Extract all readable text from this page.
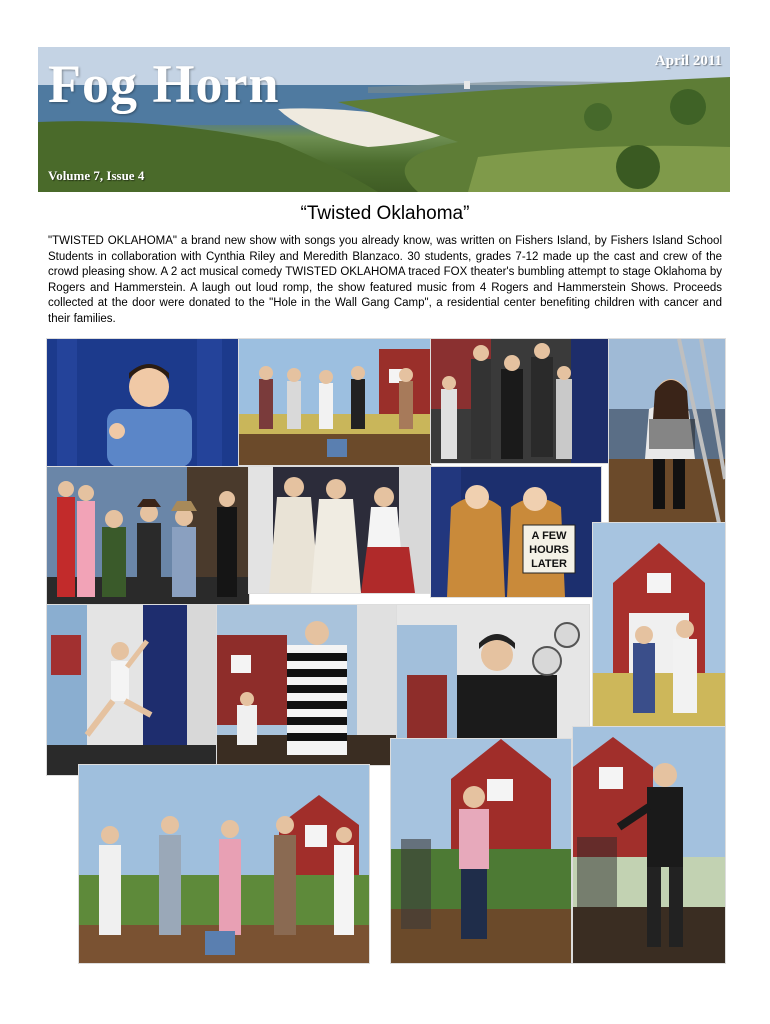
Fog Horn	April 2011
Volume 7, Issue 4
“Twisted Oklahoma”
"TWISTED OKLAHOMA" a brand new show with songs you already know, was written on Fishers Island, by Fishers Island School Students in collaboration with Cynthia Riley and Meredith Blanzaco. 30 students, grades 7-12 made up the cast and crew of the crowd pleasing show. A 2 act musical comedy TWISTED OKLAHOMA traced FOX theater's bumbling attempt to stage Oklahoma by Rogers and Hammerstein. A laugh out loud romp, the show featured music from 4 Rogers and Hammerstein Shows. Proceeds collected at the door were donated to the "Hole in the Wall Gang Camp", a residential center benefiting children with cancer and their families.
A FEW
HOURS
LATER
